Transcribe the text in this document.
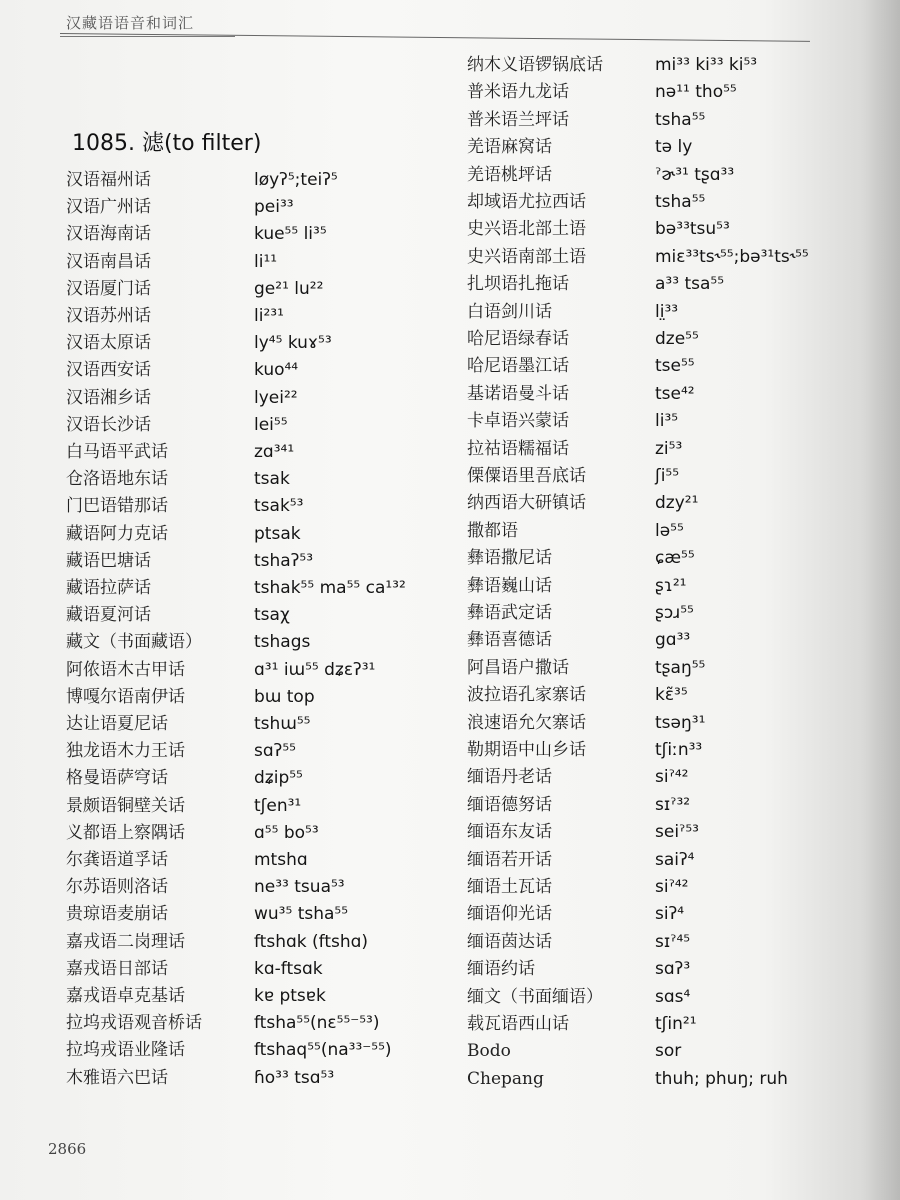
汉藏语语音和词汇
1085. 滤(to filter)
汉语福州话	løyʔ⁵;teiʔ⁵
汉语广州话	pei³³
汉语海南话	kue⁵⁵ li³⁵
汉语南昌话	li¹¹
汉语厦门话	ge²¹ lu²²
汉语苏州话	li²³¹
汉语太原话	ly⁴⁵ kuɤ⁵³
汉语西安话	kuo⁴⁴
汉语湘乡话	lyei²²
汉语长沙话	lei⁵⁵
白马语平武话	zɑ³⁴¹
仓洛语地东话	tsak
门巴语错那话	tsak⁵³
藏语阿力克话	ptsak
藏语巴塘话	tshaʔ⁵³
藏语拉萨话	tshak⁵⁵ ma⁵⁵ ca¹³²
藏语夏河话	tsaχ
藏文（书面藏语）	tshags
阿侬语木古甲话	ɑ³¹ iɯ⁵⁵ dʑɛʔ³¹
博嘎尔语南伊话	bɯ top
达让语夏尼话	tshɯ⁵⁵
独龙语木力王话	sɑʔ⁵⁵
格曼语萨穹话	dʑip⁵⁵
景颇语铜壁关话	tʃen³¹
义都语上察隅话	ɑ⁵⁵ bo⁵³
尔龚语道孚话	mtshɑ
尔苏语则洛话	ne³³ tsua⁵³
贵琼语麦崩话	wu³⁵ tsha⁵⁵
嘉戎语二岗理话	ftshɑk (ftshɑ)
嘉戎语日部话	kɑ-ftsɑk
嘉戎语卓克基话	kɐ ptsɐk
拉坞戎语观音桥话	ftsha⁵⁵(nɛ⁵⁵⁻⁵³)
拉坞戎语业隆话	ftshaq⁵⁵(na³³⁻⁵⁵)
木雅语六巴话	ɦo³³ tsɑ⁵³
纳木义语锣锅底话	mi³³ ki³³ ki⁵³
普米语九龙话	nə¹¹ tho⁵⁵
普米语兰坪话	tsha⁵⁵
羌语麻窝话	tə ly
羌语桃坪话	ˀɚ³¹ tʂɑ³³
却域语尤拉西话	tsha⁵⁵
史兴语北部土语	bə³³tsu⁵³
史兴语南部土语	miɛ³³ts˞⁵⁵;bə³¹ts˞⁵⁵
扎坝语扎拖话	a³³ tsa⁵⁵
白语剑川话	li̤³³
哈尼语绿春话	dze⁵⁵
哈尼语墨江话	tse⁵⁵
基诺语曼斗话	tse⁴²
卡卓语兴蒙话	li³⁵
拉祜语糯福话	zi⁵³
傈僳语里吾底话	ʃi⁵⁵
纳西语大研镇话	dzy²¹
撒都语	lə⁵⁵
彝语撒尼话	ɕæ⁵⁵
彝语巍山话	ʂɿ²¹
彝语武定话	ʂɔɹ⁵⁵
彝语喜德话	gɑ³³
阿昌语户撒话	tʂaŋ⁵⁵
波拉语孔家寨话	kɛ̃³⁵
浪速语允欠寨话	tsəŋ³¹
勒期语中山乡话	tʃiːn³³
缅语丹老话	siˀ⁴²
缅语德努话	sɪˀ³²
缅语东友话	seiˀ⁵³
缅语若开话	saiʔ⁴
缅语土瓦话	siˀ⁴²
缅语仰光话	siʔ⁴
缅语茵达话	sɪˀ⁴⁵
缅语约话	sɑʔ³
缅文（书面缅语）	sɑs⁴
载瓦语西山话	tʃin²¹
Bodo	sor
Chepang	thuh; phuŋ; ruh
2866
